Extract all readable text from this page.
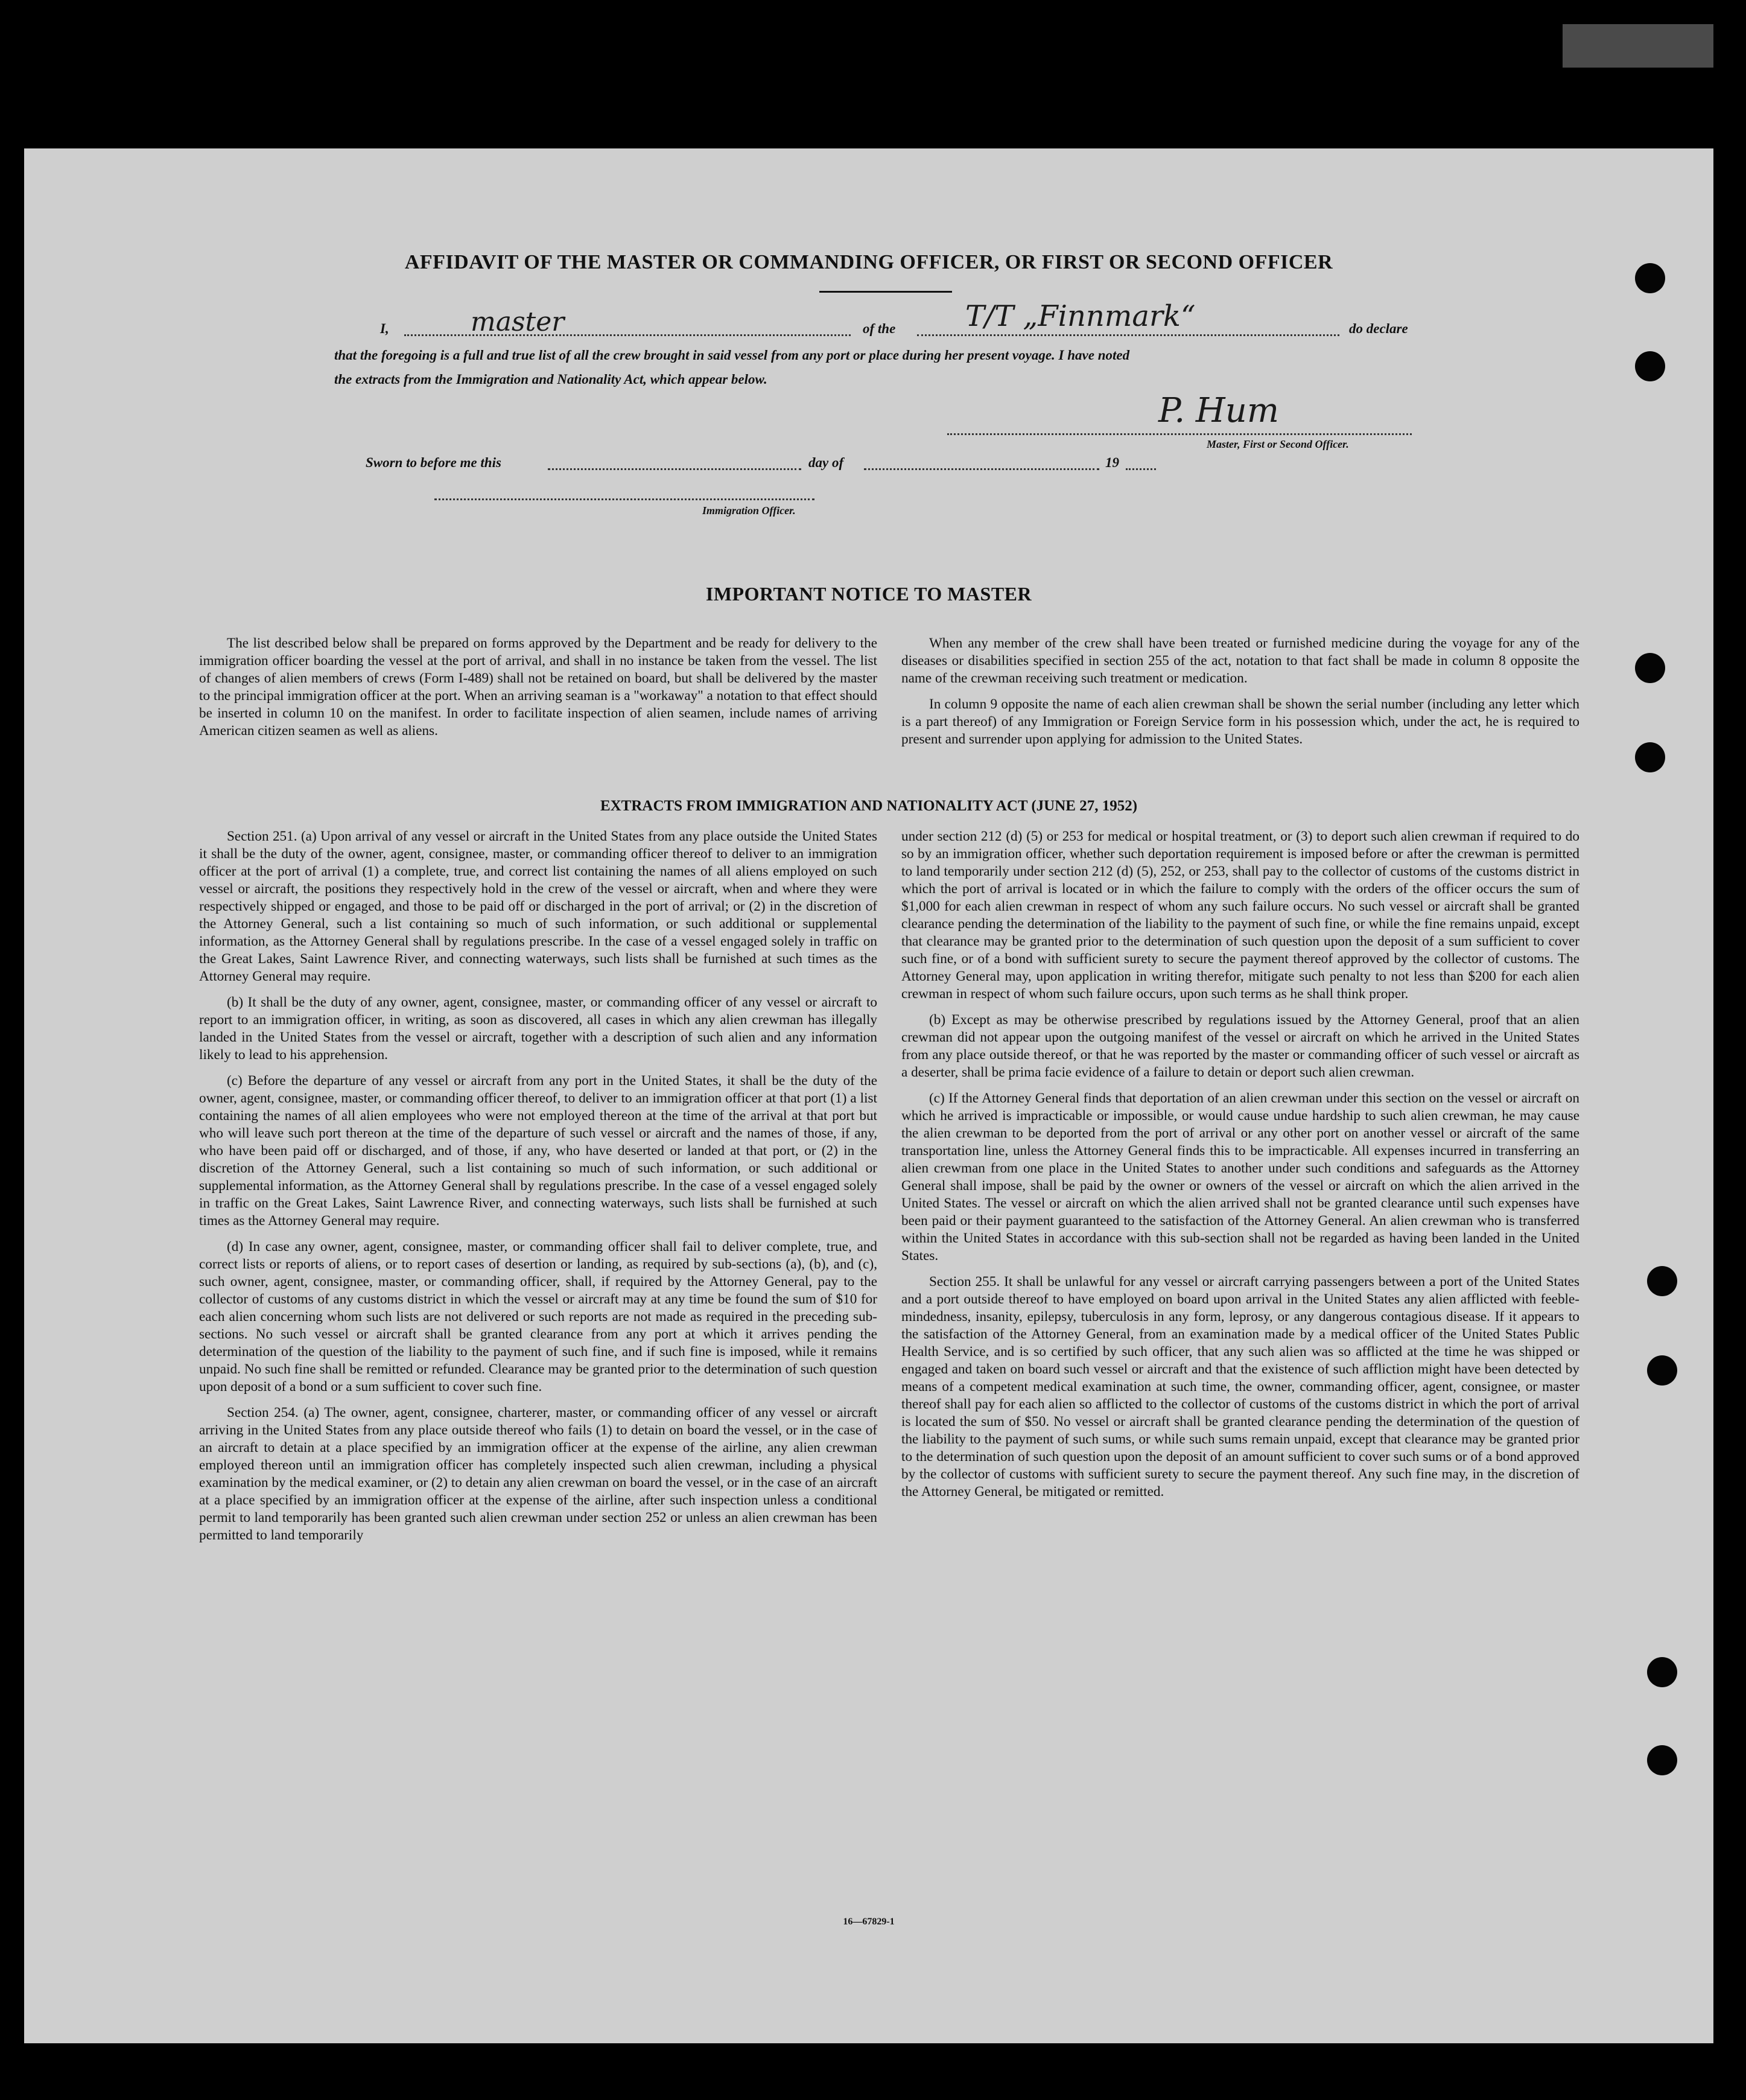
AFFIDAVIT OF THE MASTER OR COMMANDING OFFICER, OR FIRST OR SECOND OFFICER
I,	master	of the T/T „Finnmark“	do declare
that the foregoing is a full and true list of all the crew brought in said vessel from any port or place during her present voyage. I have noted
the extracts from the Immigration and Nationality Act, which appear below.
P. Hum
Master, First or Second Officer.
Sworn to before me this	day of	19
Immigration Officer.
IMPORTANT NOTICE TO MASTER

The list described below shall be prepared on forms approved by the Department and be ready for delivery to the immigration officer boarding the vessel at the port of arrival, and shall in no instance be taken from the vessel. The list of changes of alien members of crews (Form I-489) shall not be retained on board, but shall be delivered by the master to the principal immigration officer at the port. When an arriving seaman is a "workaway" a notation to that effect should be inserted in column 10 on the manifest. In order to facilitate inspection of alien seamen, include names of arriving American citizen seamen as well as aliens.

When any member of the crew shall have been treated or furnished medicine during the voyage for any of the diseases or disabilities specified in section 255 of the act, notation to that fact shall be made in column 8 opposite the name of the crewman receiving such treatment or medication.

In column 9 opposite the name of each alien crewman shall be shown the serial number (including any letter which is a part thereof) of any Immigration or Foreign Service form in his possession which, under the act, he is required to present and surrender upon applying for admission to the United States.

EXTRACTS FROM IMMIGRATION AND NATIONALITY ACT (JUNE 27, 1952)

Section 251. (a) Upon arrival of any vessel or aircraft in the United States from any place outside the United States it shall be the duty of the owner, agent, consignee, master, or commanding officer thereof to deliver to an immigration officer at the port of arrival (1) a complete, true, and correct list containing the names of all aliens employed on such vessel or aircraft, the positions they respectively hold in the crew of the vessel or aircraft, when and where they were respectively shipped or engaged, and those to be paid off or discharged in the port of arrival; or (2) in the discretion of the Attorney General, such a list containing so much of such information, or such additional or supplemental information, as the Attorney General shall by regulations prescribe. In the case of a vessel engaged solely in traffic on the Great Lakes, Saint Lawrence River, and connecting waterways, such lists shall be furnished at such times as the Attorney General may require.

(b) It shall be the duty of any owner, agent, consignee, master, or commanding officer of any vessel or aircraft to report to an immigration officer, in writing, as soon as discovered, all cases in which any alien crewman has illegally landed in the United States from the vessel or aircraft, together with a description of such alien and any information likely to lead to his apprehension.

(c) Before the departure of any vessel or aircraft from any port in the United States, it shall be the duty of the owner, agent, consignee, master, or commanding officer thereof, to deliver to an immigration officer at that port (1) a list containing the names of all alien employees who were not employed thereon at the time of the arrival at that port but who will leave such port thereon at the time of the departure of such vessel or aircraft and the names of those, if any, who have been paid off or discharged, and of those, if any, who have deserted or landed at that port, or (2) in the discretion of the Attorney General, such a list containing so much of such information, or such additional or supplemental information, as the Attorney General shall by regulations prescribe. In the case of a vessel engaged solely in traffic on the Great Lakes, Saint Lawrence River, and connecting waterways, such lists shall be furnished at such times as the Attorney General may require.

(d) In case any owner, agent, consignee, master, or commanding officer shall fail to deliver complete, true, and correct lists or reports of aliens, or to report cases of desertion or landing, as required by sub-sections (a), (b), and (c), such owner, agent, consignee, master, or commanding officer, shall, if required by the Attorney General, pay to the collector of customs of any customs district in which the vessel or aircraft may at any time be found the sum of $10 for each alien concerning whom such lists are not delivered or such reports are not made as required in the preceding sub-sections. No such vessel or aircraft shall be granted clearance from any port at which it arrives pending the determination of the question of the liability to the payment of such fine, and if such fine is imposed, while it remains unpaid. No such fine shall be remitted or refunded. Clearance may be granted prior to the determination of such question upon deposit of a bond or a sum sufficient to cover such fine.

Section 254. (a) The owner, agent, consignee, charterer, master, or commanding officer of any vessel or aircraft arriving in the United States from any place outside thereof who fails (1) to detain on board the vessel, or in the case of an aircraft to detain at a place specified by an immigration officer at the expense of the airline, any alien crewman employed thereon until an immigration officer has completely inspected such alien crewman, including a physical examination by the medical examiner, or (2) to detain any alien crewman on board the vessel, or in the case of an aircraft at a place specified by an immigration officer at the expense of the airline, after such inspection unless a conditional permit to land temporarily has been granted such alien crewman under section 252 or unless an alien crewman has been permitted to land temporarily

under section 212 (d) (5) or 253 for medical or hospital treatment, or (3) to deport such alien crewman if required to do so by an immigration officer, whether such deportation requirement is imposed before or after the crewman is permitted to land temporarily under section 212 (d) (5), 252, or 253, shall pay to the collector of customs of the customs district in which the port of arrival is located or in which the failure to comply with the orders of the officer occurs the sum of $1,000 for each alien crewman in respect of whom any such failure occurs. No such vessel or aircraft shall be granted clearance pending the determination of the liability to the payment of such fine, or while the fine remains unpaid, except that clearance may be granted prior to the determination of such question upon the deposit of a sum sufficient to cover such fine, or of a bond with sufficient surety to secure the payment thereof approved by the collector of customs. The Attorney General may, upon application in writing therefor, mitigate such penalty to not less than $200 for each alien crewman in respect of whom such failure occurs, upon such terms as he shall think proper.

(b) Except as may be otherwise prescribed by regulations issued by the Attorney General, proof that an alien crewman did not appear upon the outgoing manifest of the vessel or aircraft on which he arrived in the United States from any place outside thereof, or that he was reported by the master or commanding officer of such vessel or aircraft as a deserter, shall be prima facie evidence of a failure to detain or deport such alien crewman.

(c) If the Attorney General finds that deportation of an alien crewman under this section on the vessel or aircraft on which he arrived is impracticable or impossible, or would cause undue hardship to such alien crewman, he may cause the alien crewman to be deported from the port of arrival or any other port on another vessel or aircraft of the same transportation line, unless the Attorney General finds this to be impracticable. All expenses incurred in transferring an alien crewman from one place in the United States to another under such conditions and safeguards as the Attorney General shall impose, shall be paid by the owner or owners of the vessel or aircraft on which the alien arrived in the United States. The vessel or aircraft on which the alien arrived shall not be granted clearance until such expenses have been paid or their payment guaranteed to the satisfaction of the Attorney General. An alien crewman who is transferred within the United States in accordance with this sub-section shall not be regarded as having been landed in the United States.

Section 255. It shall be unlawful for any vessel or aircraft carrying passengers between a port of the United States and a port outside thereof to have employed on board upon arrival in the United States any alien afflicted with feeble-mindedness, insanity, epilepsy, tuberculosis in any form, leprosy, or any dangerous contagious disease. If it appears to the satisfaction of the Attorney General, from an examination made by a medical officer of the United States Public Health Service, and is so certified by such officer, that any such alien was so afflicted at the time he was shipped or engaged and taken on board such vessel or aircraft and that the existence of such affliction might have been detected by means of a competent medical examination at such time, the owner, commanding officer, agent, consignee, or master thereof shall pay for each alien so afflicted to the collector of customs of the customs district in which the port of arrival is located the sum of $50. No vessel or aircraft shall be granted clearance pending the determination of the question of the liability to the payment of such sums, or while such sums remain unpaid, except that clearance may be granted prior to the determination of such question upon the deposit of an amount sufficient to cover such sums or of a bond approved by the collector of customs with sufficient surety to secure the payment thereof. Any such fine may, in the discretion of the Attorney General, be mitigated or remitted.

16—67829-1
